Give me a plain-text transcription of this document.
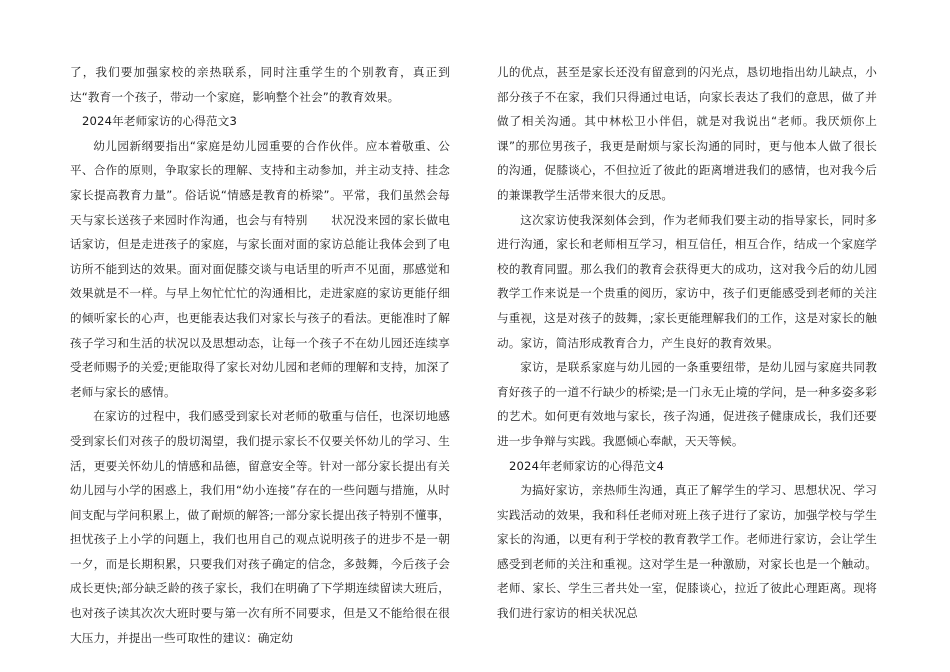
了，我们要加强家校的亲热联系，同时注重学生的个别教育，真正到达“教育一个孩子，带动一个家庭，影响整个社会”的教育效果。

2024年老师家访的心得范文3

幼儿园新纲要指出“家庭是幼儿园重要的合作伙伴。应本着敬重、公平、合作的原则，争取家长的理解、支持和主动参加，并主动支持、挂念家长提高教育力量”。俗话说“情感是教育的桥梁”。平常，我们虽然会每天与家长送孩子来园时作沟通，也会与有特别　　状况没来园的家长做电话家访，但是走进孩子的家庭，与家长面对面的家访总能让我体会到了电访所不能到达的效果。面对面促膝交谈与电话里的听声不见面，那感觉和效果就是不一样。与早上匆忙忙忙的沟通相比，走进家庭的家访更能仔细的倾听家长的心声，也更能表达我们对家长与孩子的看法。更能准时了解孩子学习和生活的状况以及思想动态，让每一个孩子不在幼儿园还连续享受老师赐予的关爱;更能取得了家长对幼儿园和老师的理解和支持，加深了老师与家长的感情。

在家访的过程中，我们感受到家长对老师的敬重与信任，也深切地感受到家长们对孩子的殷切渴望，我们提示家长不仅要关怀幼儿的学习、生活，更要关怀幼儿的情感和品德，留意安全等。针对一部分家长提出有关幼儿园与小学的困惑上，我们用“幼小连接”存在的一些问题与措施，从时间支配与学问积累上，做了耐烦的解答;一部分家长提出孩子特别不懂事，担忧孩子上小学的问题上，我们也用自己的观点说明孩子的进步不是一朝一夕，而是长期积累，只要我们对孩子确定的信念，多鼓舞，今后孩子会成长更快;部分缺乏龄的孩子家长，我们在明确了下学期连续留读大班后，也对孩子读其次次大班时要与第一次有所不同要求，但是又不能给很在很大压力，并提出一些可取性的建议：确定幼

儿的优点，甚至是家长还没有留意到的闪光点，恳切地指出幼儿缺点，小部分孩子不在家，我们只得通过电话，向家长表达了我们的意思，做了并做了相关沟通。其中林松卫小伴侣，就是对我说出“老师。我厌烦你上课”的那位男孩子，我更是耐烦与家长沟通的同时，更与他本人做了很长的沟通，促膝谈心，不但拉近了彼此的距离增进我们的感情，也对我今后的兼课教学生活带来很大的反思。

这次家访使我深刻体会到，作为老师我们要主动的指导家长，同时多进行沟通，家长和老师相互学习，相互信任，相互合作，结成一个家庭学校的教育同盟。那么我们的教育会获得更大的成功，这对我今后的幼儿园教学工作来说是一个贵重的阅历，家访中，孩子们更能感受到老师的关注与重视，这是对孩子的鼓舞，;家长更能理解我们的工作，这是对家长的触动。家访，简洁形成教育合力，产生良好的教育效果。

家访，是联系家庭与幼儿园的一条重要纽带，是幼儿园与家庭共同教育好孩子的一道不行缺少的桥梁;是一门永无止境的学问，是一种多姿多彩的艺术。如何更有效地与家长，孩子沟通，促进孩子健康成长，我们还要进一步争辩与实践。我愿倾心奉献，天天等候。

2024年老师家访的心得范文4

为搞好家访，亲热师生沟通，真正了解学生的学习、思想状况、学习实践活动的效果，我和科任老师对班上孩子进行了家访，加强学校与学生家长的沟通，以更有利于学校的教育教学工作。老师进行家访，会让学生感受到老师的关注和重视。这对学生是一种激励，对家长也是一个触动。老师、家长、学生三者共处一室，促膝谈心，拉近了彼此心理距离。现将我们进行家访的相关状况总
